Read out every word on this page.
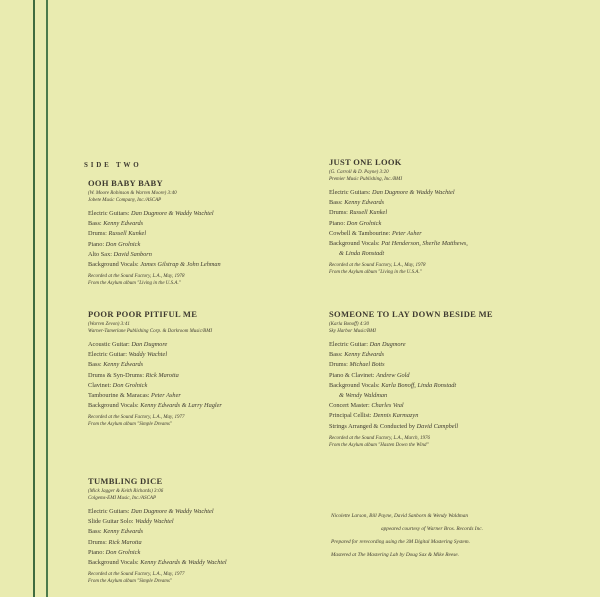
SIDE TWO
OOH BABY BABY
(W. Moore Robinson & Warren Moore) 3:40
Jobete Music Company, Inc./ASCAP
Electric Guitars: Dan Dugmore & Waddy Wachtel
Bass: Kenny Edwards
Drums: Russell Kunkel
Piano: Don Grolnick
Alto Sax: David Sanborn
Background Vocals: James Gilstrap & John Lehman
Recorded at the Sound Factory, L.A., May, 1978
From the Asylum album "Living in the U.S.A."
POOR POOR PITIFUL ME
(Warren Zevon) 3:41
Warner-Tamerlane Publishing Corp. & Darkroom Music/BMI
Acoustic Guitar: Dan Dugmore
Electric Guitar: Waddy Wachtel
Bass: Kenny Edwards
Drums & Syn-Drums: Rick Marotta
Clavinet: Don Grolnick
Tambourine & Maracas: Peter Asher
Background Vocals: Kenny Edwards & Larry Hagler
Recorded at the Sound Factory, L.A., May, 1977
From the Asylum album "Simple Dreams"
TUMBLING DICE
(Mick Jagger & Keith Richards) 3:06
Colgems-EMI Music, Inc./ASCAP
Electric Guitars: Dan Dugmore & Waddy Wachtel
Slide Guitar Solo: Waddy Wachtel
Bass: Kenny Edwards
Drums: Rick Marotta
Piano: Don Grolnick
Background Vocals: Kenny Edwards & Waddy Wachtel
Recorded at the Sound Factory, L.A., May, 1977
From the Asylum album "Simple Dreams"
JUST ONE LOOK
(G. Carroll & D. Payne) 3:20
Premier Music Publishing, Inc./BMI
Electric Guitars: Dan Dugmore & Waddy Wachtel
Bass: Kenny Edwards
Drums: Russell Kunkel
Piano: Don Grolnick
Cowbell & Tambourine: Peter Asher
Background Vocals: Pat Henderson, Sherlie Matthews,
& Linda Ronstadt
Recorded at the Sound Factory, L.A., May, 1978
From the Asylum album "Living in the U.S.A."
SOMEONE TO LAY DOWN BESIDE ME
(Karla Bonoff) 4:30
Sky Harbor Music/BMI
Electric Guitar: Dan Dugmore
Bass: Kenny Edwards
Drums: Michael Botts
Piano & Clavinet: Andrew Gold
Background Vocals: Karla Bonoff, Linda Ronstadt
& Wendy Waldman
Concert Master: Charles Veal
Principal Cellist: Dennis Karmazyn
Strings Arranged & Conducted by David Campbell
Recorded at the Sound Factory, L.A., March, 1976
From the Asylum album "Hasten Down the Wind"
Nicolette Larson, Bill Payne, David Sanborn & Wendy Waldman
appeared courtesy of Warner Bros. Records Inc.
Prepared for rerecording using the 3M Digital Mastering System.
Mastered at The Mastering Lab by Doug Sax & Mike Reese.
